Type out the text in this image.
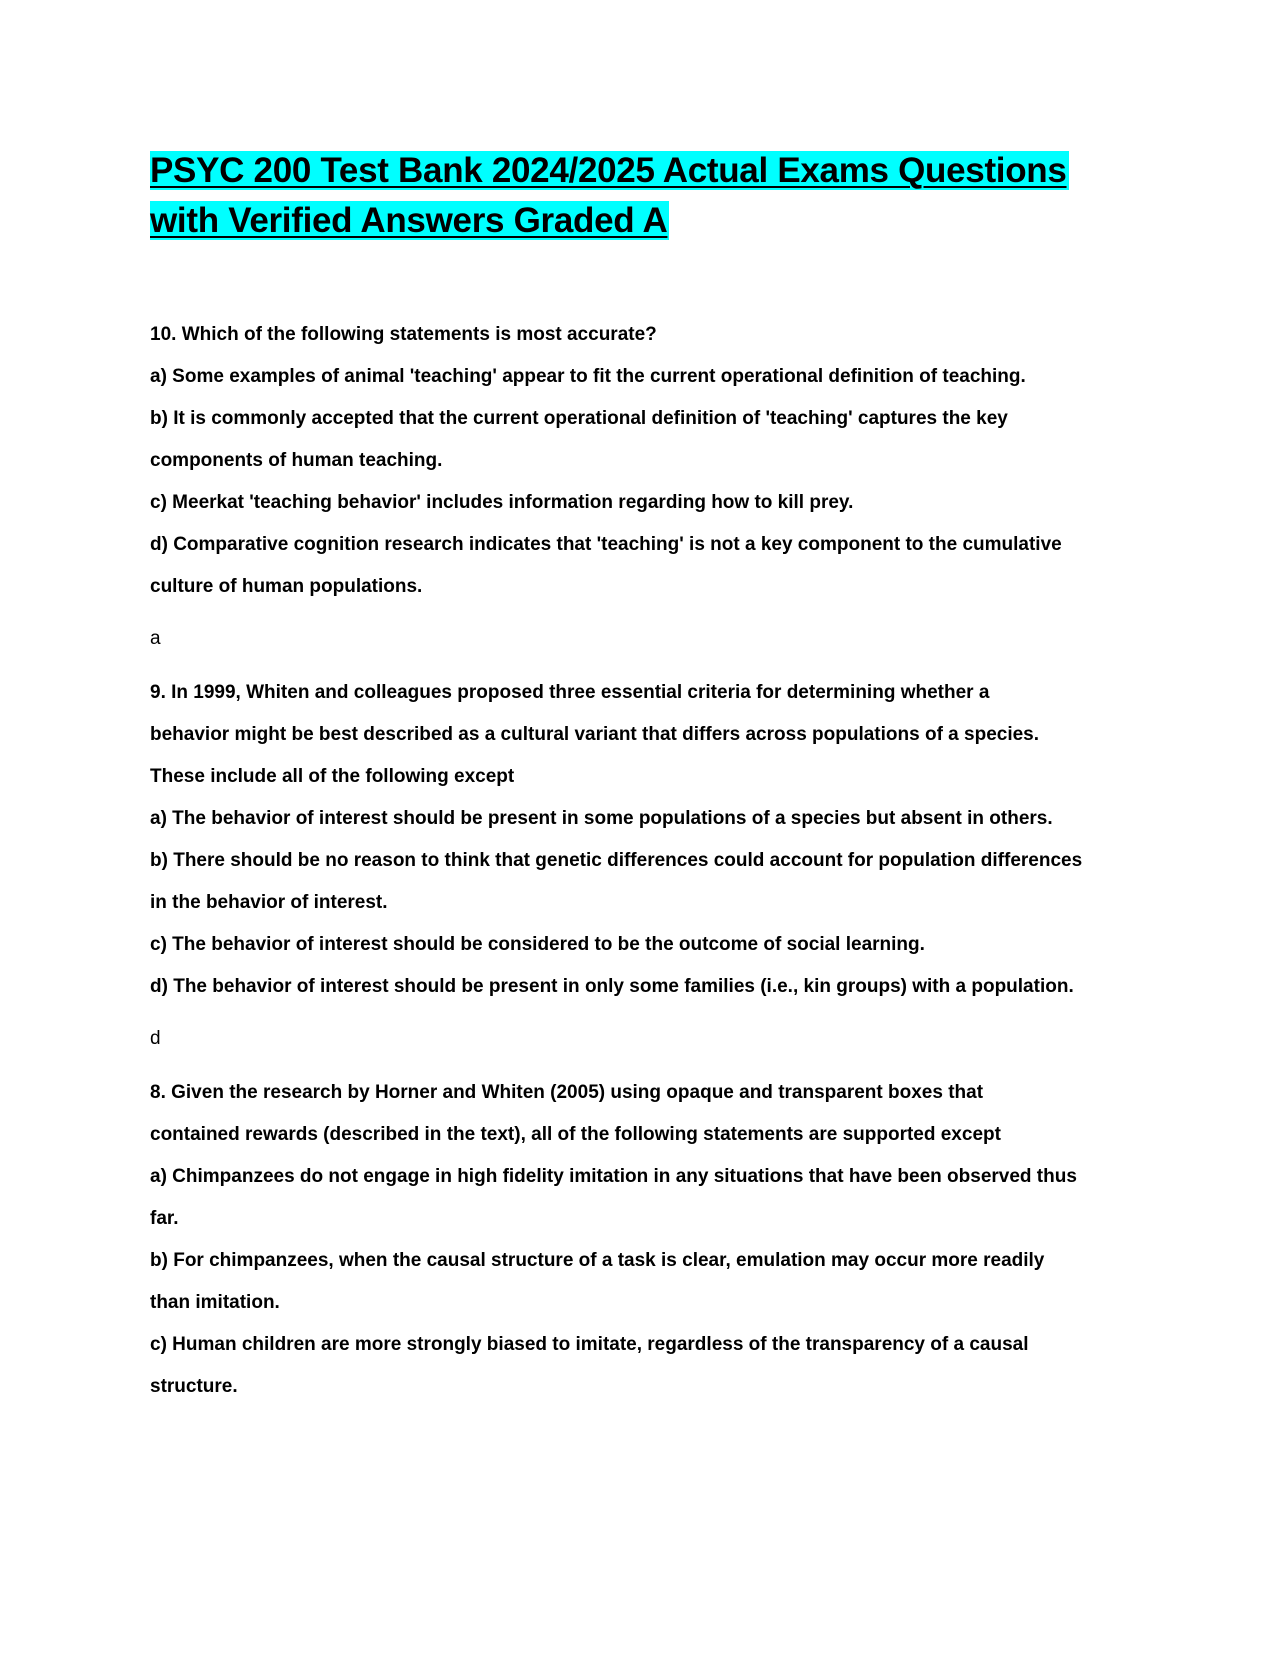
PSYC 200 Test Bank 2024/2025 Actual Exams Questions
with Verified Answers Graded A
10. Which of the following statements is most accurate?
a) Some examples of animal 'teaching' appear to fit the current operational definition of teaching.
b) It is commonly accepted that the current operational definition of 'teaching' captures the key
components of human teaching.
c) Meerkat 'teaching behavior' includes information regarding how to kill prey.
d) Comparative cognition research indicates that 'teaching' is not a key component to the cumulative
culture of human populations.
a
9. In 1999, Whiten and colleagues proposed three essential criteria for determining whether a
behavior might be best described as a cultural variant that differs across populations of a species.
These include all of the following except
a) The behavior of interest should be present in some populations of a species but absent in others.
b) There should be no reason to think that genetic differences could account for population differences
in the behavior of interest.
c) The behavior of interest should be considered to be the outcome of social learning.
d) The behavior of interest should be present in only some families (i.e., kin groups) with a population.
d
8. Given the research by Horner and Whiten (2005) using opaque and transparent boxes that
contained rewards (described in the text), all of the following statements are supported except
a) Chimpanzees do not engage in high fidelity imitation in any situations that have been observed thus
far.
b) For chimpanzees, when the causal structure of a task is clear, emulation may occur more readily
than imitation.
c) Human children are more strongly biased to imitate, regardless of the transparency of a causal
structure.
